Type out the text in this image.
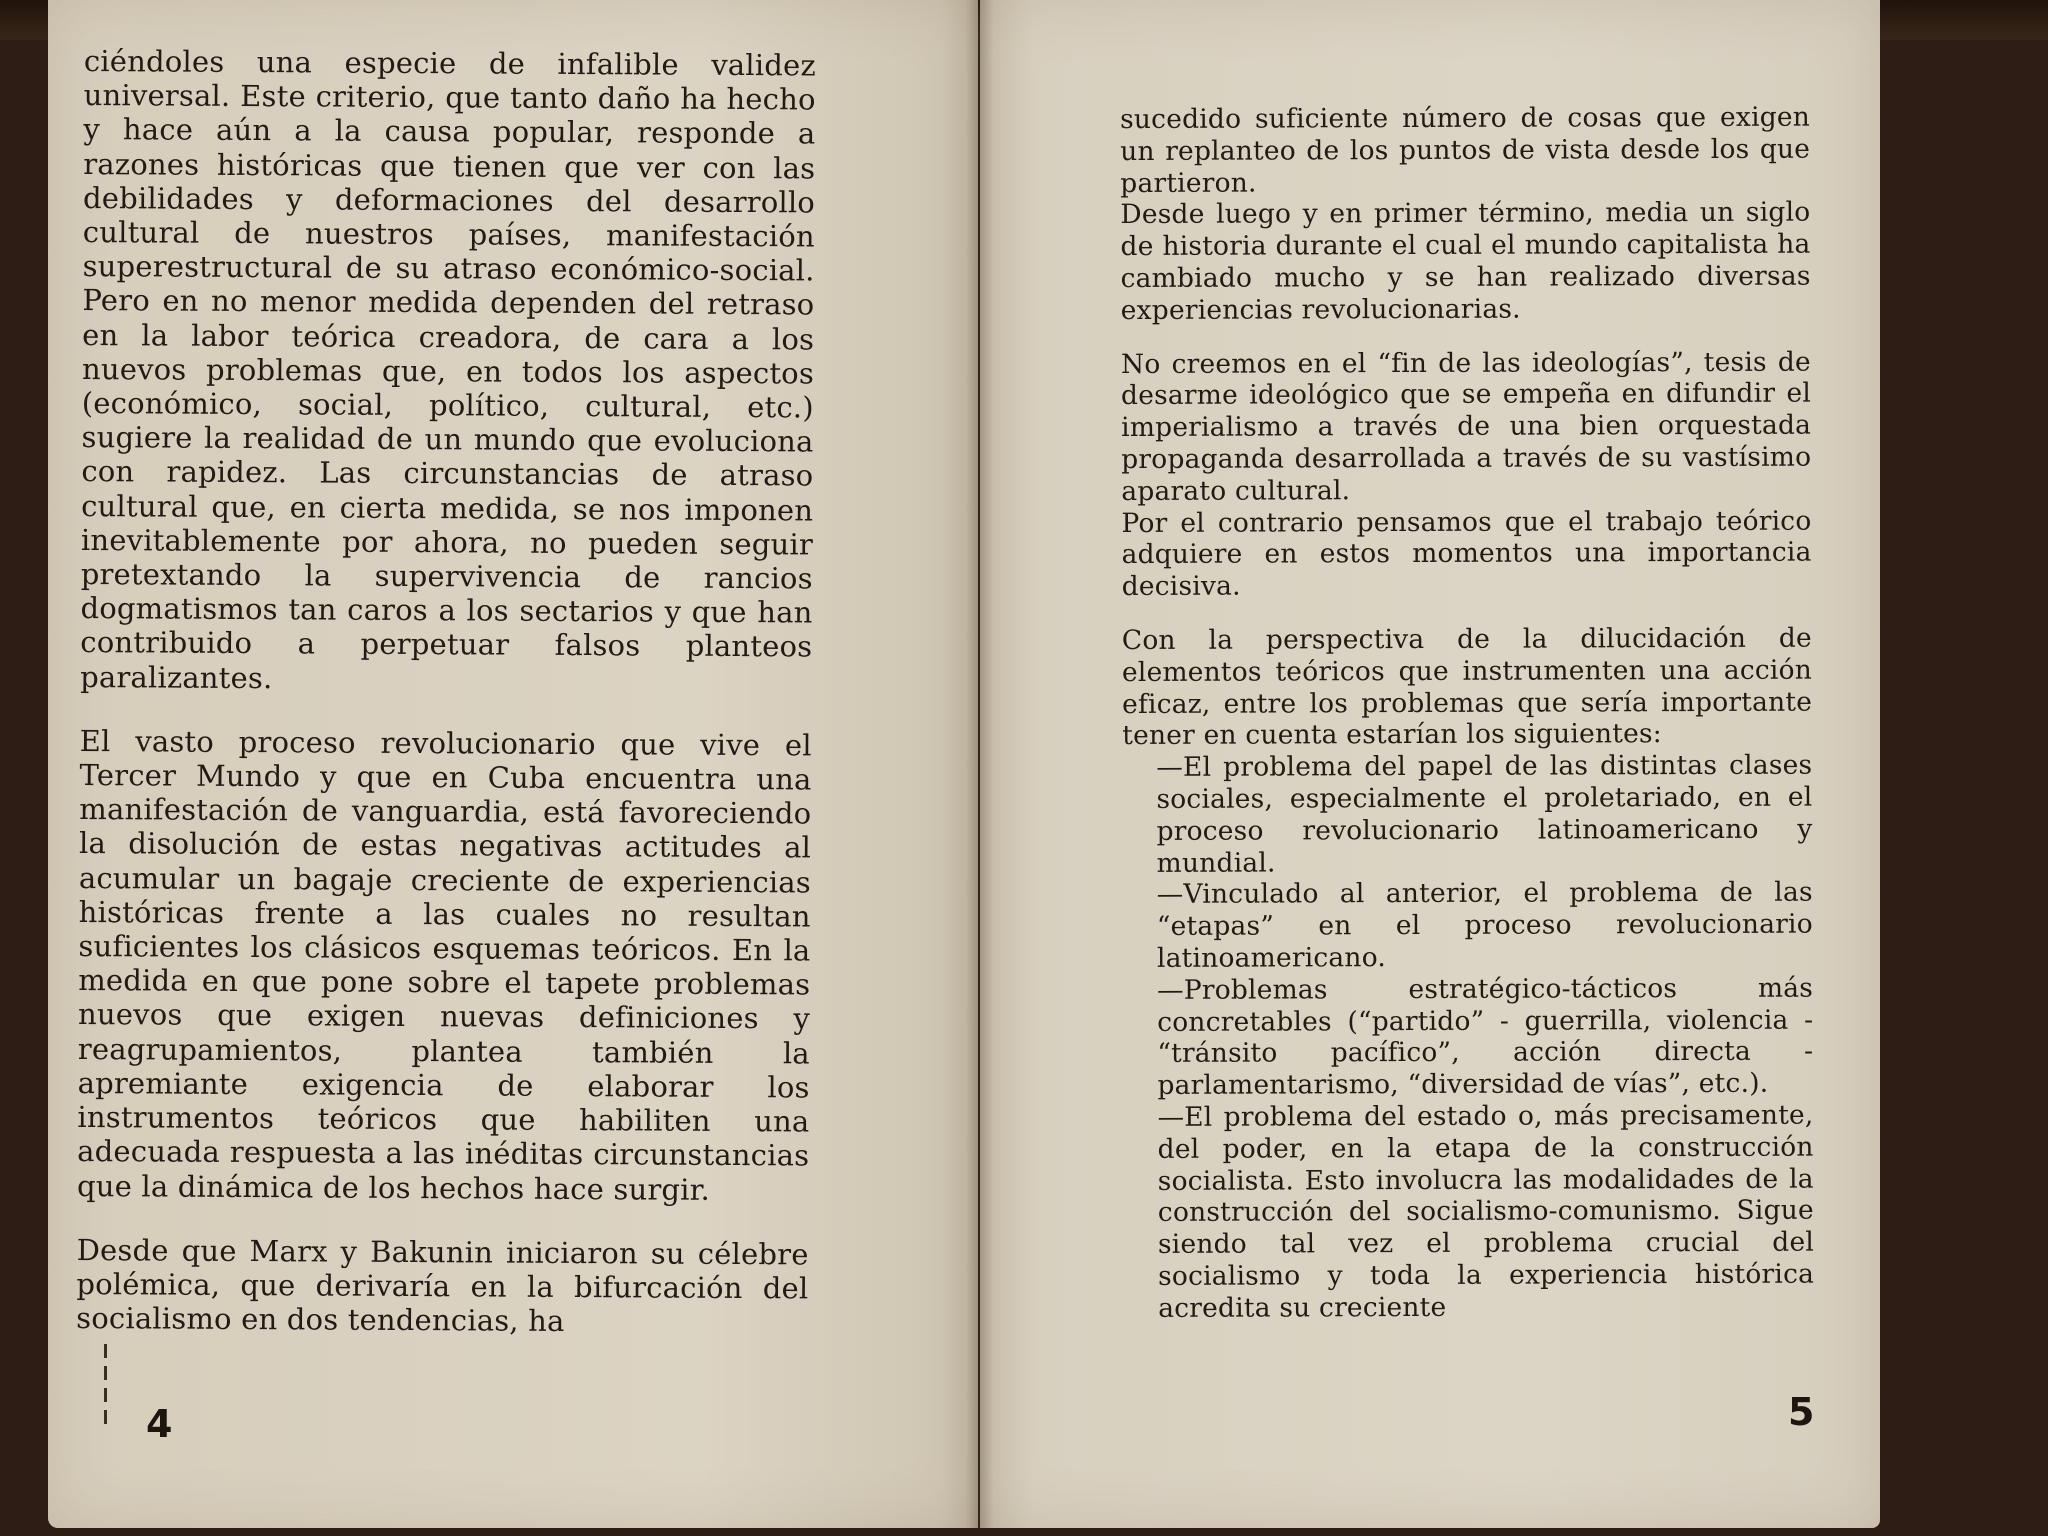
ciéndoles una especie de infalible validez universal. Este criterio, que tanto daño ha hecho y hace aún a la causa popular, responde a razones históricas que tienen que ver con las debilidades y deformaciones del desarrollo cultural de nuestros países, manifestación superestructural de su atraso económico-social. Pero en no menor medida dependen del retraso en la labor teórica creadora, de cara a los nuevos problemas que, en todos los aspectos (económico, social, político, cultural, etc.) sugiere la realidad de un mundo que evoluciona con rapidez. Las circunstancias de atraso cultural que, en cierta medida, se nos imponen inevitablemente por ahora, no pueden seguir pretextando la supervivencia de rancios dogmatismos tan caros a los sectarios y que han contribuido a perpetuar falsos planteos paralizantes.

El vasto proceso revolucionario que vive el Tercer Mundo y que en Cuba encuentra una manifestación de vanguardia, está favoreciendo la disolución de estas negativas actitudes al acumular un bagaje creciente de experiencias históricas frente a las cuales no resultan suficientes los clásicos esquemas teóricos. En la medida en que pone sobre el tapete problemas nuevos que exigen nuevas definiciones y reagrupamientos, plantea también la apremiante exigencia de elaborar los instrumentos teóricos que habiliten una adecuada respuesta a las inéditas circunstancias que la dinámica de los hechos hace surgir.

Desde que Marx y Bakunin iniciaron su célebre polémica, que derivaría en la bifurcación del socialismo en dos tendencias, ha

4

sucedido suficiente número de cosas que exigen un replanteo de los puntos de vista desde los que partieron.

Desde luego y en primer término, media un siglo de historia durante el cual el mundo capitalista ha cambiado mucho y se han realizado diversas experiencias revolucionarias.

No creemos en el “fin de las ideologías”, tesis de desarme ideológico que se empeña en difundir el imperialismo a través de una bien orquestada propaganda desarrollada a través de su vastísimo aparato cultural.

Por el contrario pensamos que el trabajo teórico adquiere en estos momentos una importancia decisiva.

Con la perspectiva de la dilucidación de elementos teóricos que instrumenten una acción eficaz, entre los problemas que sería importante tener en cuenta estarían los siguientes:

—El problema del papel de las distintas clases sociales, especialmente el proletariado, en el proceso revolucionario latinoamericano y mundial.

—Vinculado al anterior, el problema de las “etapas” en el proceso revolucionario latinoamericano.

—Problemas estratégico-tácticos más concretables (“partido” - guerrilla, violencia - “tránsito pacífico”, acción directa - parlamentarismo, “diversidad de vías”, etc.).

—El problema del estado o, más precisamente, del poder, en la etapa de la construcción socialista. Esto involucra las modalidades de la construcción del socialismo-comunismo. Sigue siendo tal vez el problema crucial del socialismo y toda la experiencia histórica acredita su creciente

5
